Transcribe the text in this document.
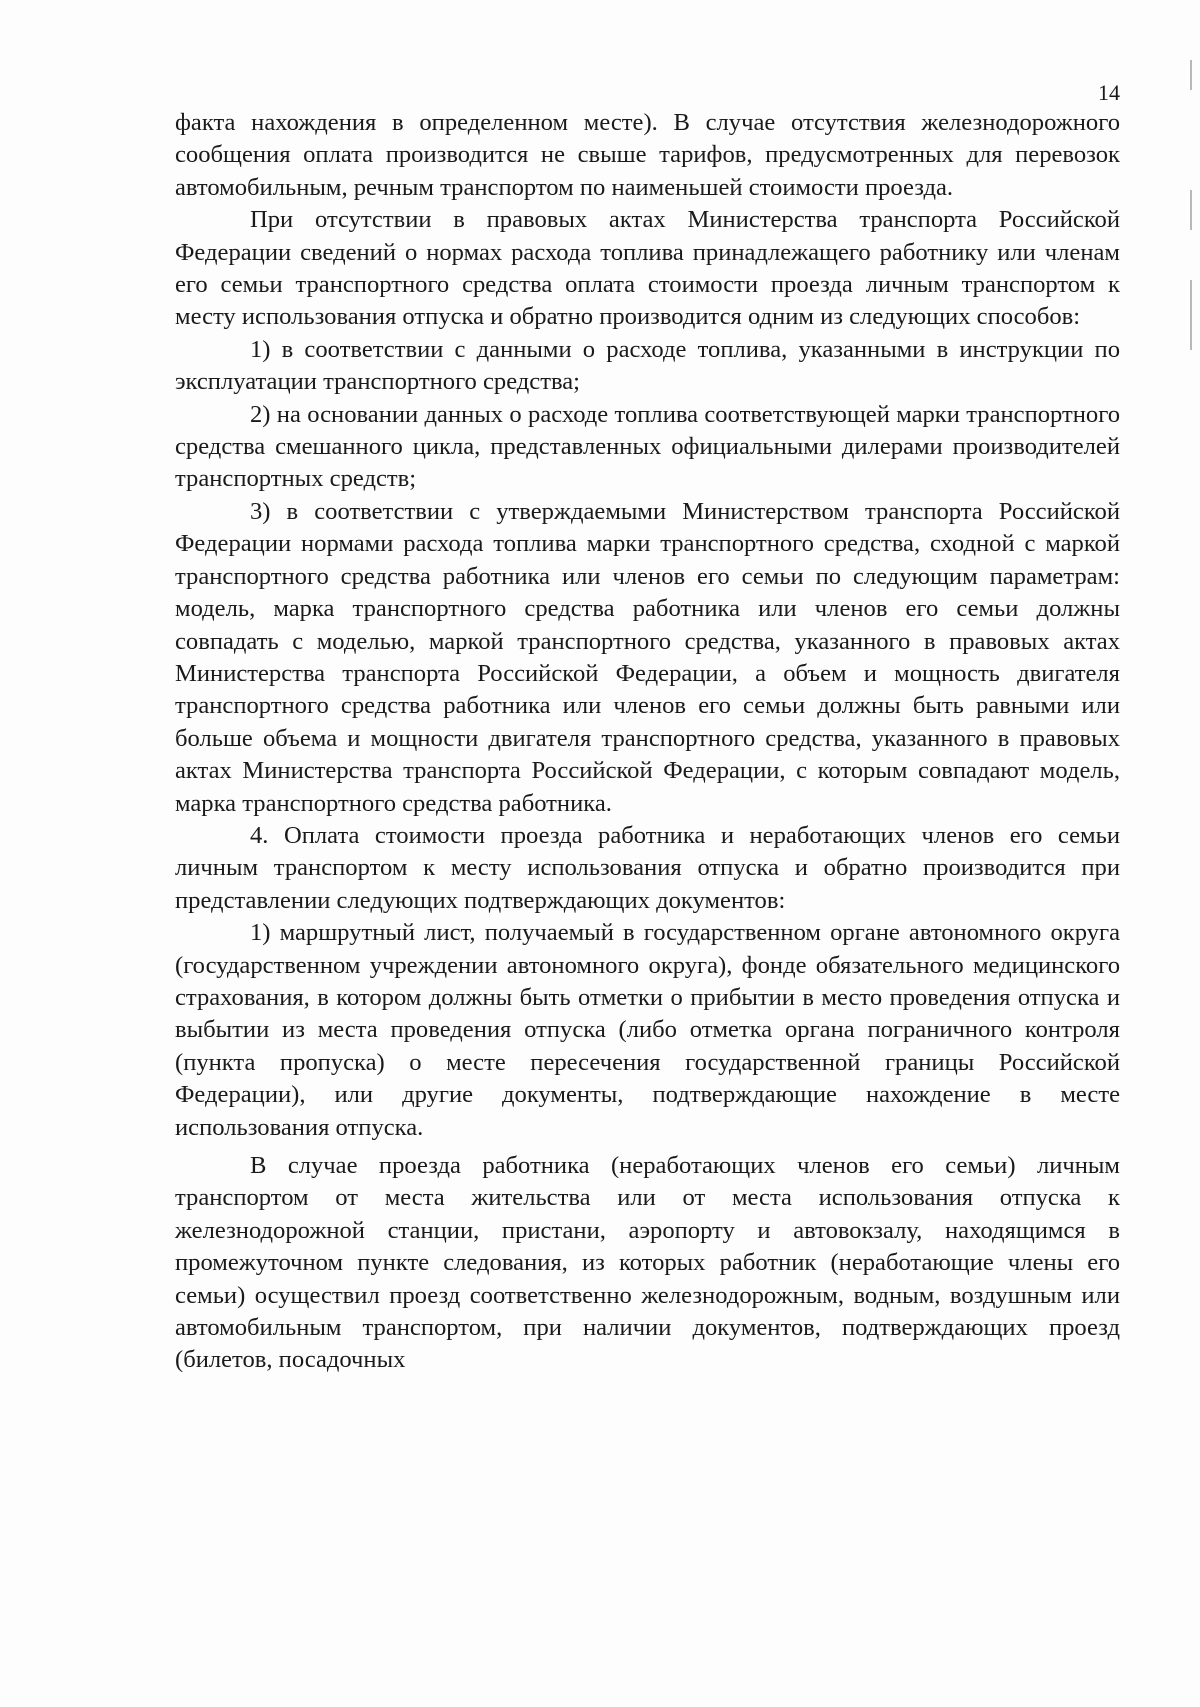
14

факта нахождения в определенном месте). В случае отсутствия железнодорожного сообщения оплата производится не свыше тарифов, предусмотренных для перевозок автомобильным, речным транспортом по наименьшей стоимости проезда.

При отсутствии в правовых актах Министерства транспорта Российской Федерации сведений о нормах расхода топлива принадлежащего работнику или членам его семьи транспортного средства оплата стоимости проезда личным транспортом к месту использования отпуска и обратно производится одним из следующих способов:

1) в соответствии с данными о расходе топлива, указанными в инструкции по эксплуатации транспортного средства;

2) на основании данных о расходе топлива соответствующей марки транспортного средства смешанного цикла, представленных официальными дилерами производителей транспортных средств;

3) в соответствии с утверждаемыми Министерством транспорта Российской Федерации нормами расхода топлива марки транспортного средства, сходной с маркой транспортного средства работника или членов его семьи по следующим параметрам: модель, марка транспортного средства работника или членов его семьи должны совпадать с моделью, маркой транспортного средства, указанного в правовых актах Министерства транспорта Российской Федерации, а объем и мощность двигателя транспортного средства работника или членов его семьи должны быть равными или больше объема и мощности двигателя транспортного средства, указанного в правовых актах Министерства транспорта Российской Федерации, с которым совпадают модель, марка транспортного средства работника.

4. Оплата стоимости проезда работника и неработающих членов его семьи личным транспортом к месту использования отпуска и обратно производится при представлении следующих подтверждающих документов:

1) маршрутный лист, получаемый в государственном органе автономного округа (государственном учреждении автономного округа), фонде обязательного медицинского страхования, в котором должны быть отметки о прибытии в место проведения отпуска и выбытии из места проведения отпуска (либо отметка органа пограничного контроля (пункта пропуска) о месте пересечения государственной границы Российской Федерации), или другие документы, подтверждающие нахождение в месте использования отпуска.

В случае проезда работника (неработающих членов его семьи) личным транспортом от места жительства или от места использования отпуска к железнодорожной станции, пристани, аэропорту и автовокзалу, находящимся в промежуточном пункте следования, из которых работник (неработающие члены его семьи) осуществил проезд соответственно железнодорожным, водным, воздушным или автомобильным транспортом, при наличии документов, подтверждающих проезд (билетов, посадочных
